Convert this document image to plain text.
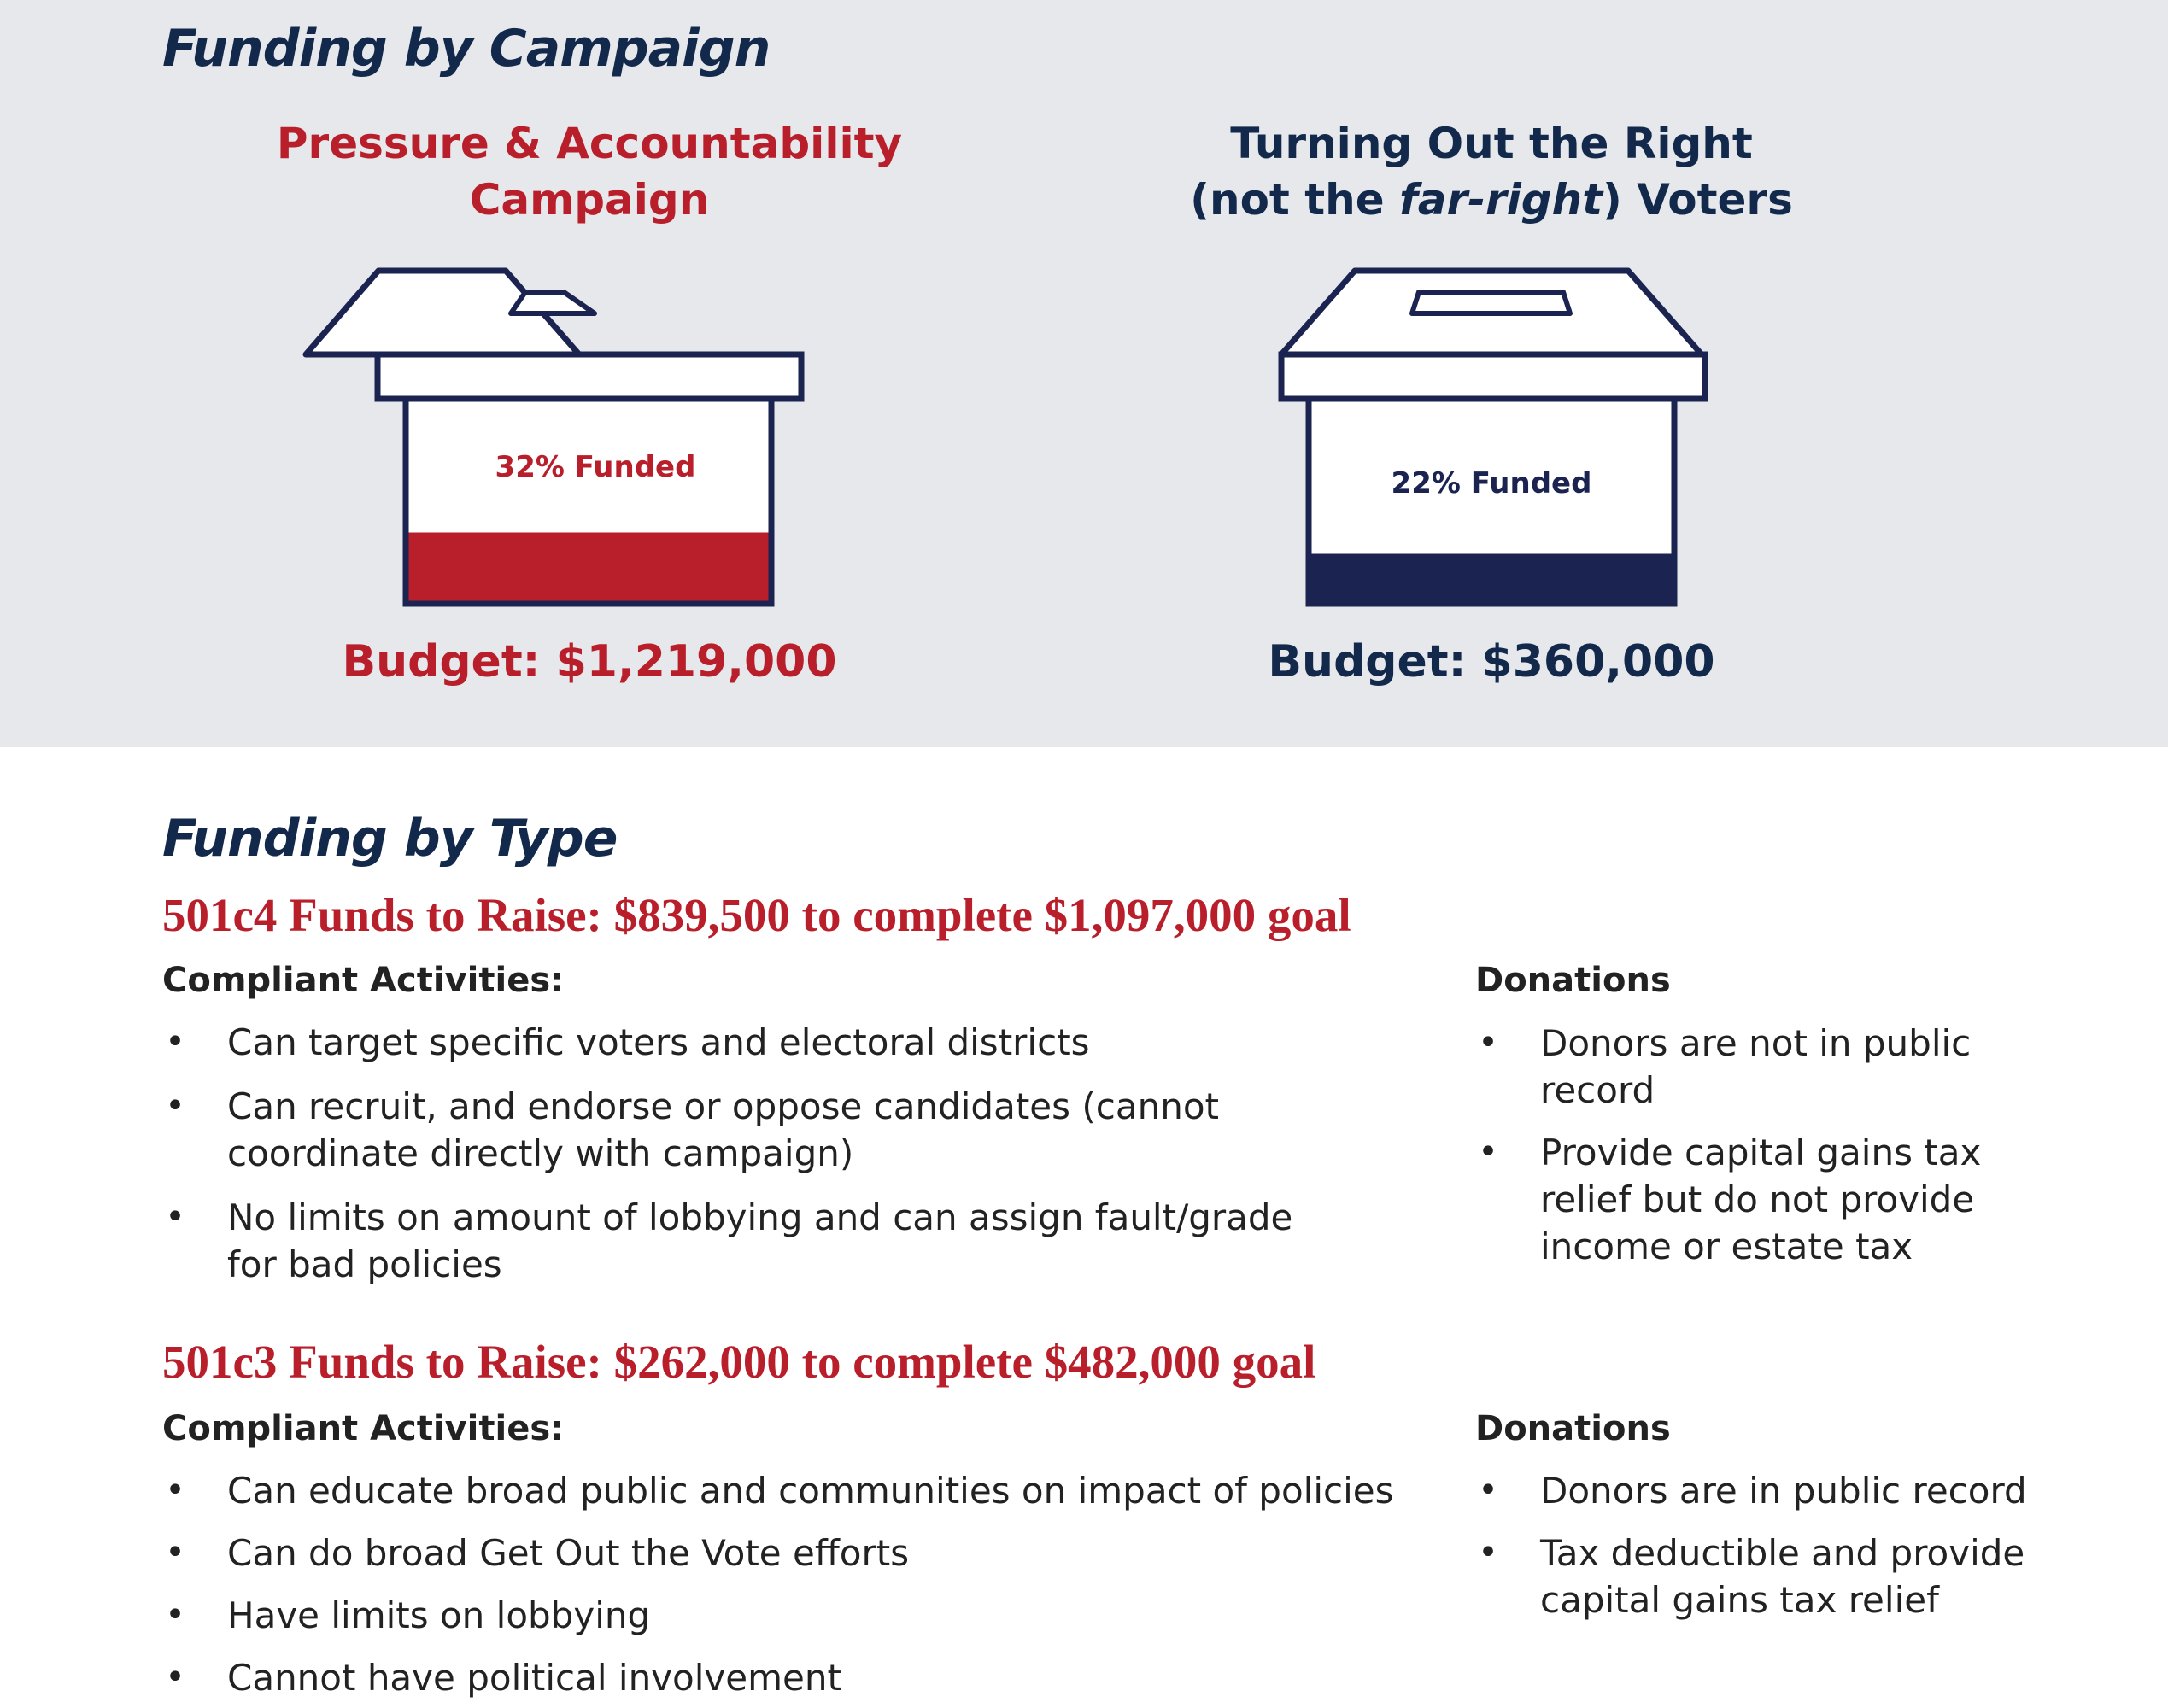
Funding by Campaign
Pressure & Accountability
Campaign
32% Funded
Budget: $1,219,000
Turning Out the Right
(not the far-right) Voters
22% Funded
Budget: $360,000
Funding by Type
501c4 Funds to Raise: $839,500 to complete $1,097,000 goal
Compliant Activities:
• Can target specific voters and electoral districts
• Can recruit, and endorse or oppose candidates (cannot
coordinate directly with campaign)
• No limits on amount of lobbying and can assign fault/grade
for bad policies
Donations
• Donors are not in public
record
• Provide capital gains tax
relief but do not provide
income or estate tax
501c3 Funds to Raise: $262,000 to complete $482,000 goal
Compliant Activities:
• Can educate broad public and communities on impact of policies
• Can do broad Get Out the Vote efforts
• Have limits on lobbying
• Cannot have political involvement
Donations
• Donors are in public record
• Tax deductible and provide
capital gains tax relief
